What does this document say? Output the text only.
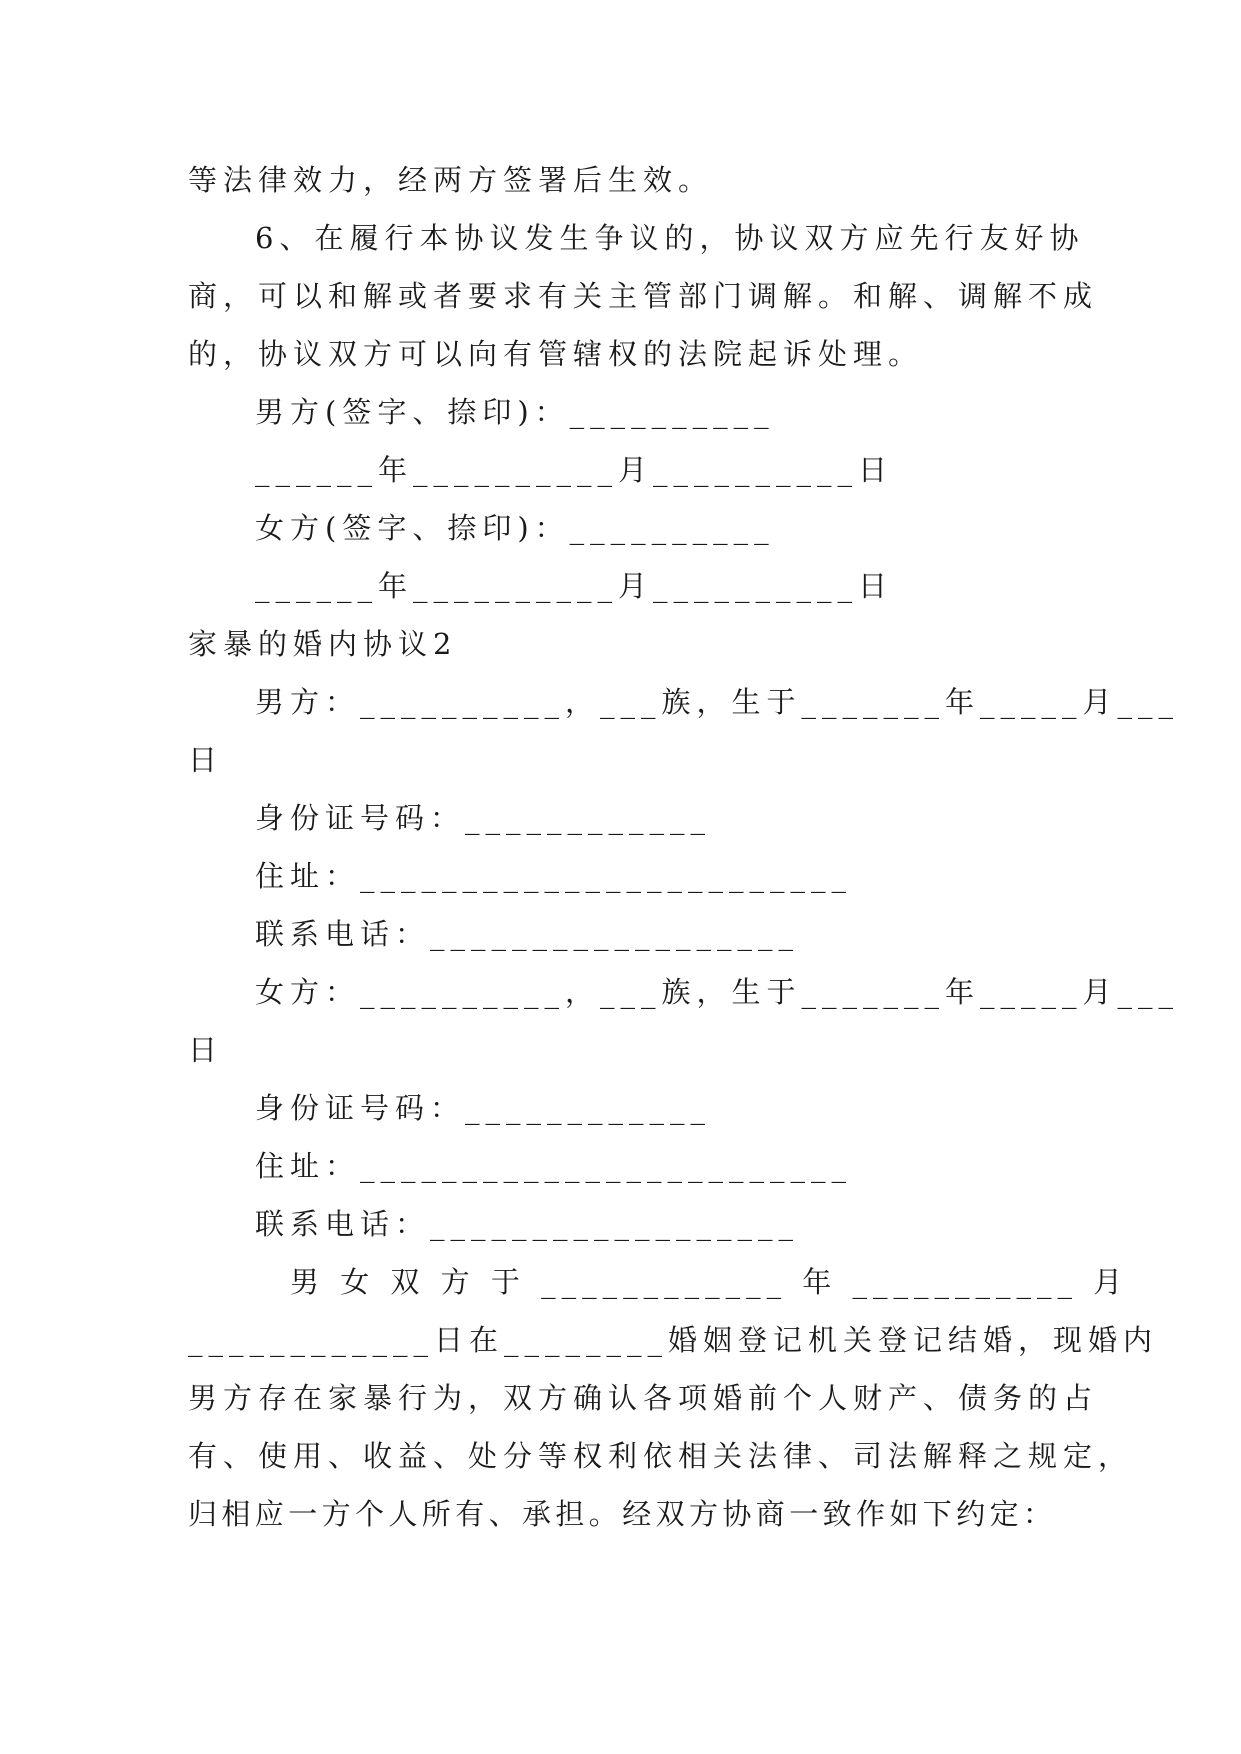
等法律效力，经两方签署后生效。

6、在履行本协议发生争议的，协议双方应先行友好协

商，可以和解或者要求有关主管部门调解。和解、调解不成

的，协议双方可以向有管辖权的法院起诉处理。

男方(签字、捺印)：__________

______年__________月__________日

女方(签字、捺印)：__________

______年__________月__________日

家暴的婚内协议2

男方：__________，___族，生于_______年_____月___

日

身份证号码：____________

住址：________________________

联系电话：__________________

女方：__________，___族，生于_______年_____月___

日

身份证号码：____________

住址：________________________

联系电话：__________________

男 女 双 方 于 ____________ 年 ___________ 月

____________日在________婚姻登记机关登记结婚，现婚内

男方存在家暴行为，双方确认各项婚前个人财产、债务的占

有、使用、收益、处分等权利依相关法律、司法解释之规定，

归相应一方个人所有、承担。经双方协商一致作如下约定：
